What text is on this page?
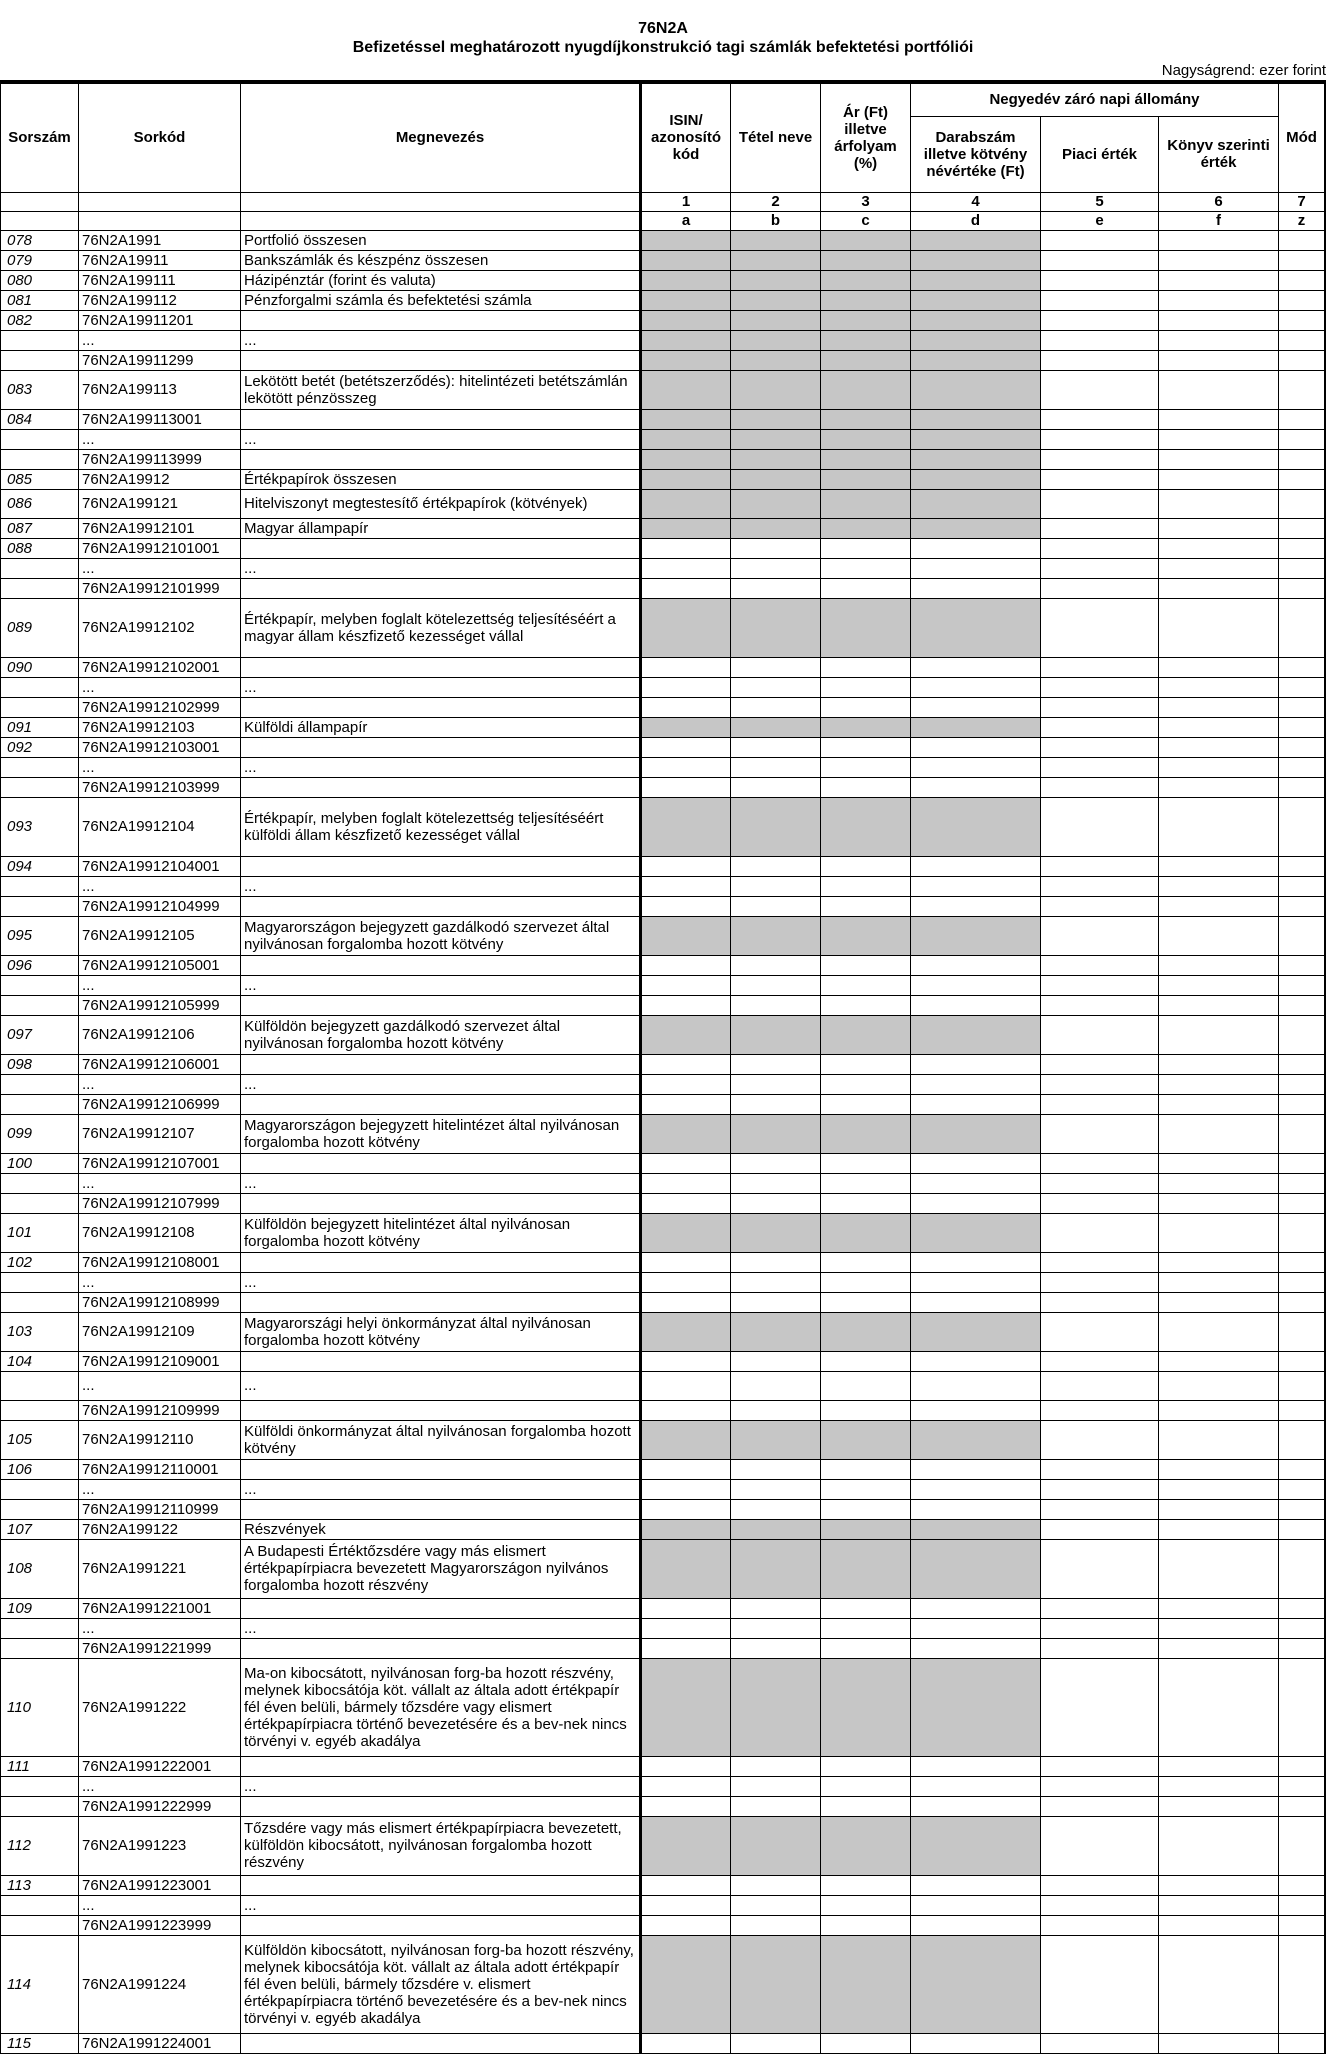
76N2A
Befizetéssel meghatározott nyugdíjkonstrukció tagi számlák befektetési portfóliói
Nagyságrend: ezer forint
Sorszám	Sorkód	Megnevezés	ISIN/ azonosító kód	Tétel neve	Ár (Ft) illetve árfolyam (%)	Negyedév záró napi állomány			Mód
						Darabszám illetve kötvény névértéke (Ft)	Piaci érték	Könyv szerinti érték	
			1	2	3	4	5	6	7
			a	b	c	d	e	f	z
078	76N2A1991	Portfolió összesen							
079	76N2A19911	Bankszámlák és készpénz összesen							
080	76N2A199111	Házipénztár (forint és valuta)							
081	76N2A199112	Pénzforgalmi számla és befektetési számla							
082	76N2A19911201								
	...	...							
	76N2A19911299								
083	76N2A199113	Lekötött betét (betétszerződés): hitelintézeti betétszámlán lekötött pénzösszeg							
084	76N2A199113001								
	...	...							
	76N2A199113999								
085	76N2A19912	Értékpapírok összesen							
086	76N2A199121	Hitelviszonyt megtestesítő értékpapírok (kötvények)							
087	76N2A19912101	Magyar állampapír							
088	76N2A19912101001								
	...	...							
	76N2A19912101999								
089	76N2A19912102	Értékpapír, melyben foglalt kötelezettség teljesítéséért a magyar állam készfizető kezességet vállal							
090	76N2A19912102001								
	...	...							
	76N2A19912102999								
091	76N2A19912103	Külföldi állampapír							
092	76N2A19912103001								
	...	...							
	76N2A19912103999								
093	76N2A19912104	Értékpapír, melyben foglalt kötelezettség teljesítéséért külföldi állam készfizető kezességet vállal							
094	76N2A19912104001								
	...	...							
	76N2A19912104999								
095	76N2A19912105	Magyarországon bejegyzett gazdálkodó szervezet által nyilvánosan forgalomba hozott kötvény							
096	76N2A19912105001								
	...	...							
	76N2A19912105999								
097	76N2A19912106	Külföldön bejegyzett gazdálkodó szervezet által nyilvánosan forgalomba hozott kötvény							
098	76N2A19912106001								
	...	...							
	76N2A19912106999								
099	76N2A19912107	Magyarországon bejegyzett hitelintézet által nyilvánosan forgalomba hozott kötvény							
100	76N2A19912107001								
	...	...							
	76N2A19912107999								
101	76N2A19912108	Külföldön bejegyzett hitelintézet által nyilvánosan forgalomba hozott kötvény							
102	76N2A19912108001								
	...	...							
	76N2A19912108999								
103	76N2A19912109	Magyarországi helyi önkormányzat által nyilvánosan forgalomba hozott kötvény							
104	76N2A19912109001								
	...	...							
	76N2A19912109999								
105	76N2A19912110	Külföldi önkormányzat által nyilvánosan forgalomba hozott kötvény							
106	76N2A19912110001								
	...	...							
	76N2A19912110999								
107	76N2A199122	Részvények							
108	76N2A1991221	A Budapesti Értéktőzsdére vagy más elismert értékpapírpiacra bevezetett Magyarországon nyilvános forgalomba hozott részvény							
109	76N2A1991221001								
	...	...							
	76N2A1991221999								
110	76N2A1991222	Ma-on kibocsátott, nyilvánosan forg-ba hozott részvény, melynek kibocsátója köt. vállalt az általa adott értékpapír fél éven belüli, bármely tőzsdére vagy elismert értékpapírpiacra történő bevezetésére és a bev-nek nincs törvényi v. egyéb akadálya							
111	76N2A1991222001								
	...	...							
	76N2A1991222999								
112	76N2A1991223	Tőzsdére vagy más elismert értékpapírpiacra bevezetett, külföldön kibocsátott, nyilvánosan forgalomba hozott részvény							
113	76N2A1991223001								
	...	...							
	76N2A1991223999								
114	76N2A1991224	Külföldön kibocsátott, nyilvánosan forg-ba hozott részvény, melynek kibocsátója köt. vállalt az általa adott értékpapír fél éven belüli, bármely tőzsdére v. elismert értékpapírpiacra történő bevezetésére és a bev-nek nincs törvényi v. egyéb akadálya							
115	76N2A1991224001								
